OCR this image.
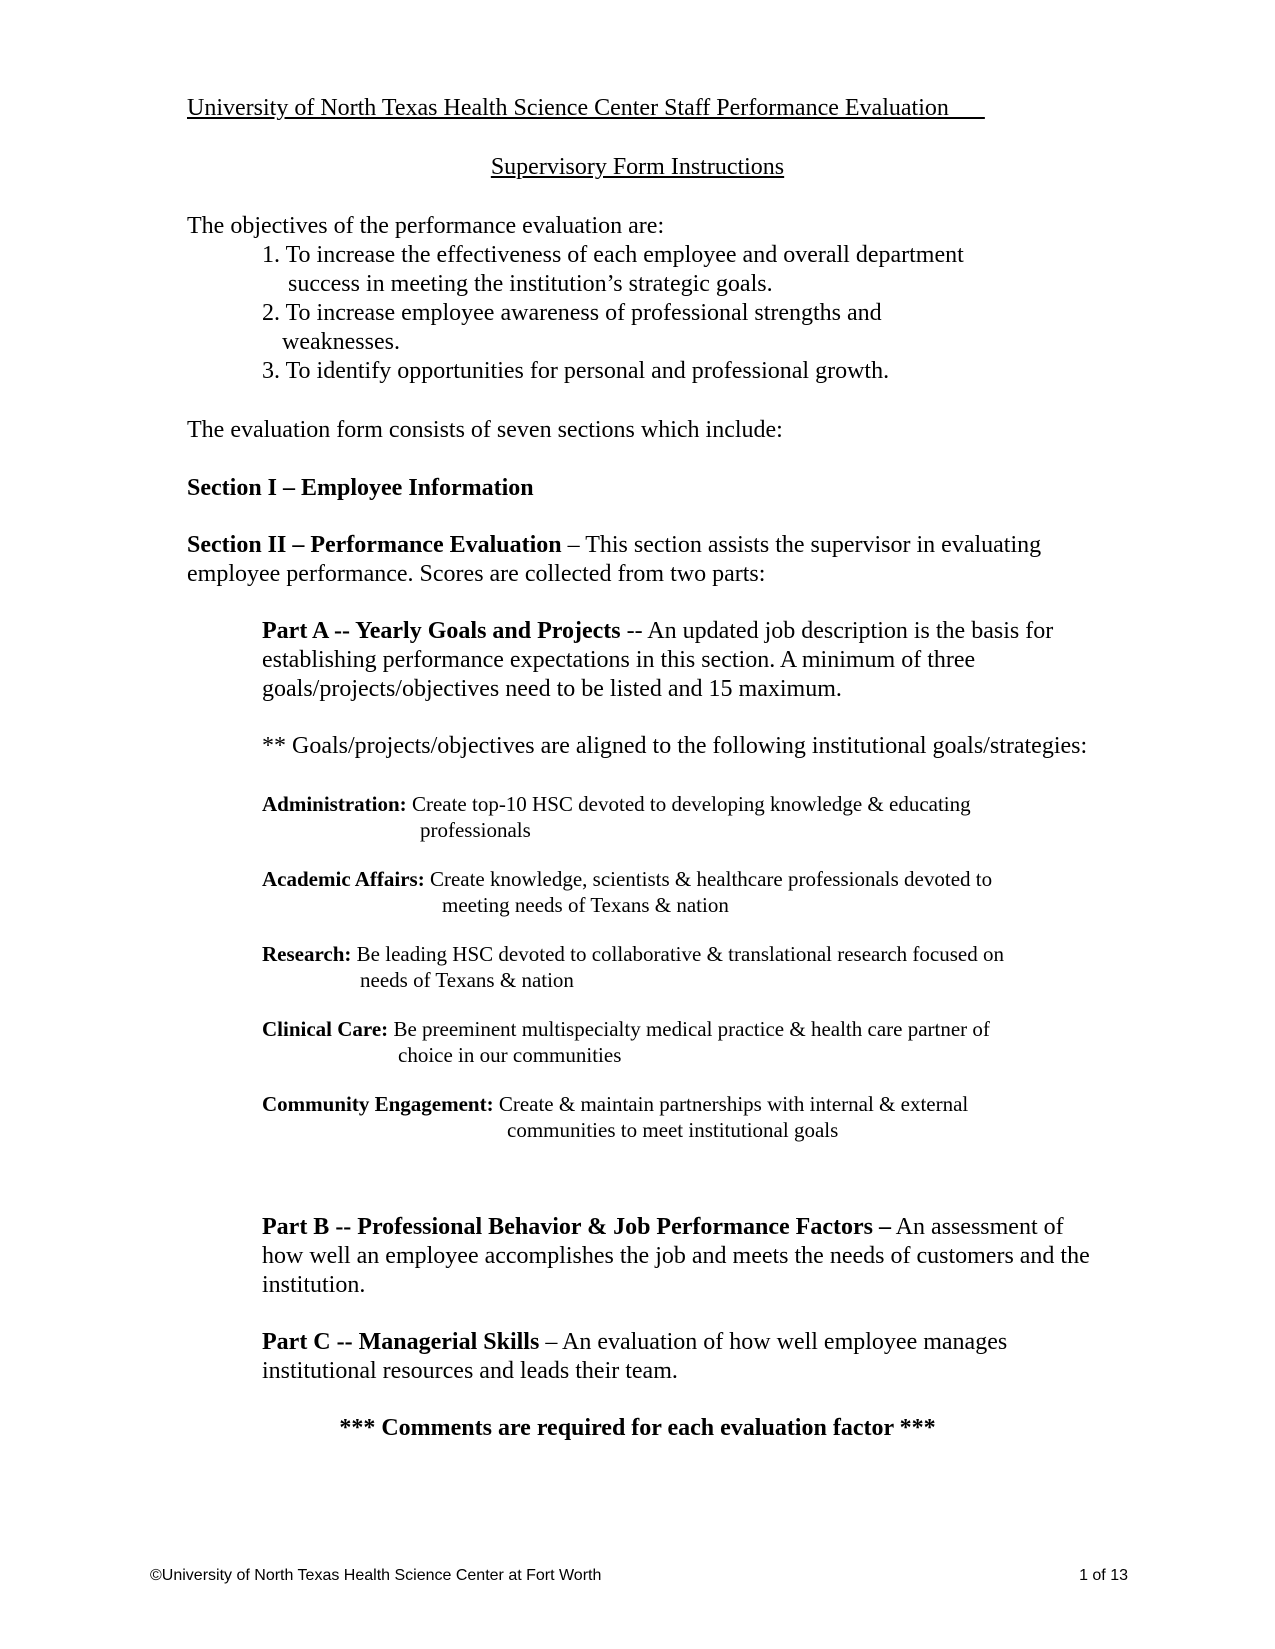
University of North Texas Health Science Center Staff Performance Evaluation
Supervisory Form Instructions
The objectives of the performance evaluation are:
1. To increase the effectiveness of each employee and overall department
success in meeting the institution’s strategic goals.
2. To increase employee awareness of professional strengths and
weaknesses.
3. To identify opportunities for personal and professional growth.
The evaluation form consists of seven sections which include:
Section I – Employee Information
Section II – Performance Evaluation – This section assists the supervisor in evaluating employee performance. Scores are collected from two parts:
Part A -- Yearly Goals and Projects -- An updated job description is the basis for establishing performance expectations in this section. A minimum of three goals/projects/objectives need to be listed and 15 maximum.
** Goals/projects/objectives are aligned to the following institutional goals/strategies:
Administration: Create top-10 HSC devoted to developing knowledge & educating
professionals
Academic Affairs: Create knowledge, scientists & healthcare professionals devoted to
meeting needs of Texans & nation
Research: Be leading HSC devoted to collaborative & translational research focused on
needs of Texans & nation
Clinical Care: Be preeminent multispecialty medical practice & health care partner of
choice in our communities
Community Engagement: Create & maintain partnerships with internal & external
communities to meet institutional goals
Part B -- Professional Behavior & Job Performance Factors – An assessment of how well an employee accomplishes the job and meets the needs of customers and the institution.
Part C -- Managerial Skills – An evaluation of how well employee manages institutional resources and leads their team.
*** Comments are required for each evaluation factor ***
©University of North Texas Health Science Center at Fort Worth	1 of 13
